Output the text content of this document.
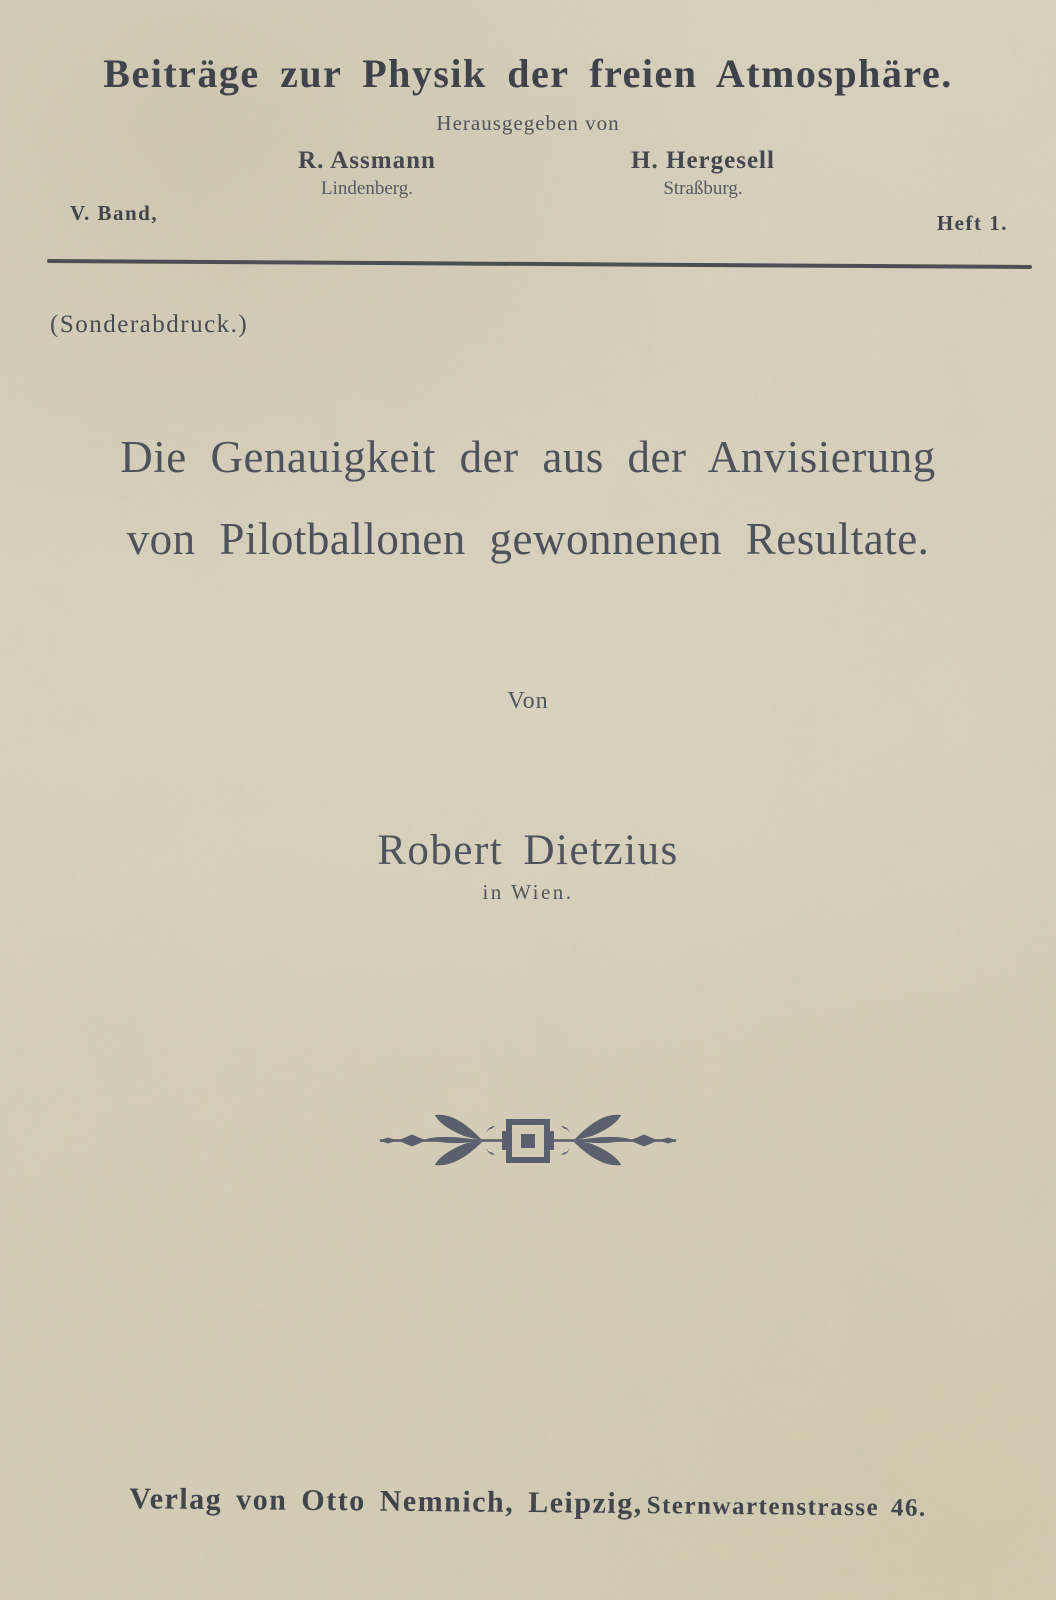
Beiträge zur Physik der freien Atmosphäre.
Herausgegeben von
R. Assmann
Lindenberg.
H. Hergesell
Straßburg.
V. Band,	Heft 1.
(Sonderabdruck.)
Die Genauigkeit der aus der Anvisierung
von Pilotballonen gewonnenen Resultate.
Von
Robert Dietzius
in Wien.
Verlag von Otto Nemnich, Leipzig, Sternwartenstrasse 46.
